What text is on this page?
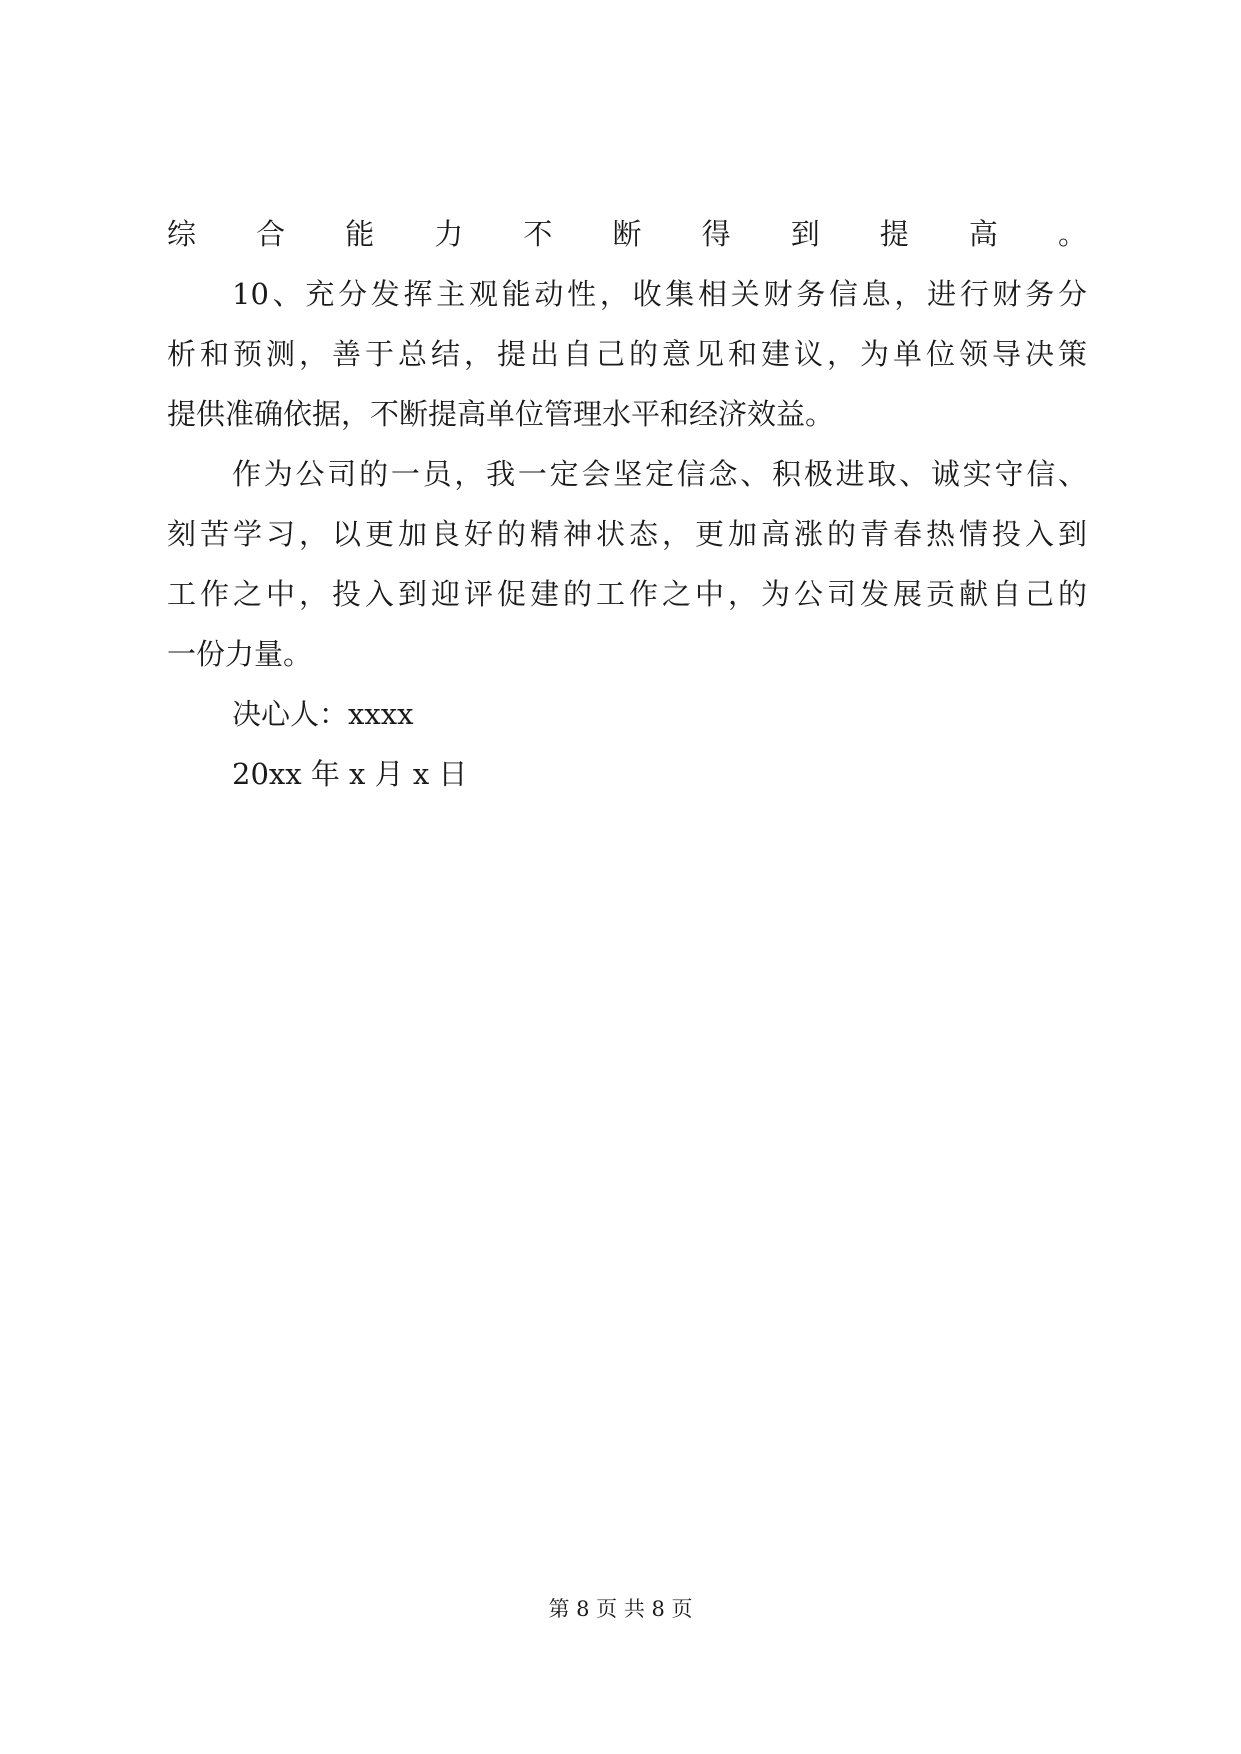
综合能力不断得到提高。
10、充分发挥主观能动性，收集相关财务信息，进行财务分
析和预测，善于总结，提出自己的意见和建议，为单位领导决策
提供准确依据，不断提高单位管理水平和经济效益。
作为公司的一员，我一定会坚定信念、积极进取、诚实守信、
刻苦学习，以更加良好的精神状态，更加高涨的青春热情投入到
工作之中，投入到迎评促建的工作之中，为公司发展贡献自己的
一份力量。
决心人：xxxx
20xx 年 x 月 x 日
第 8 页 共 8 页
